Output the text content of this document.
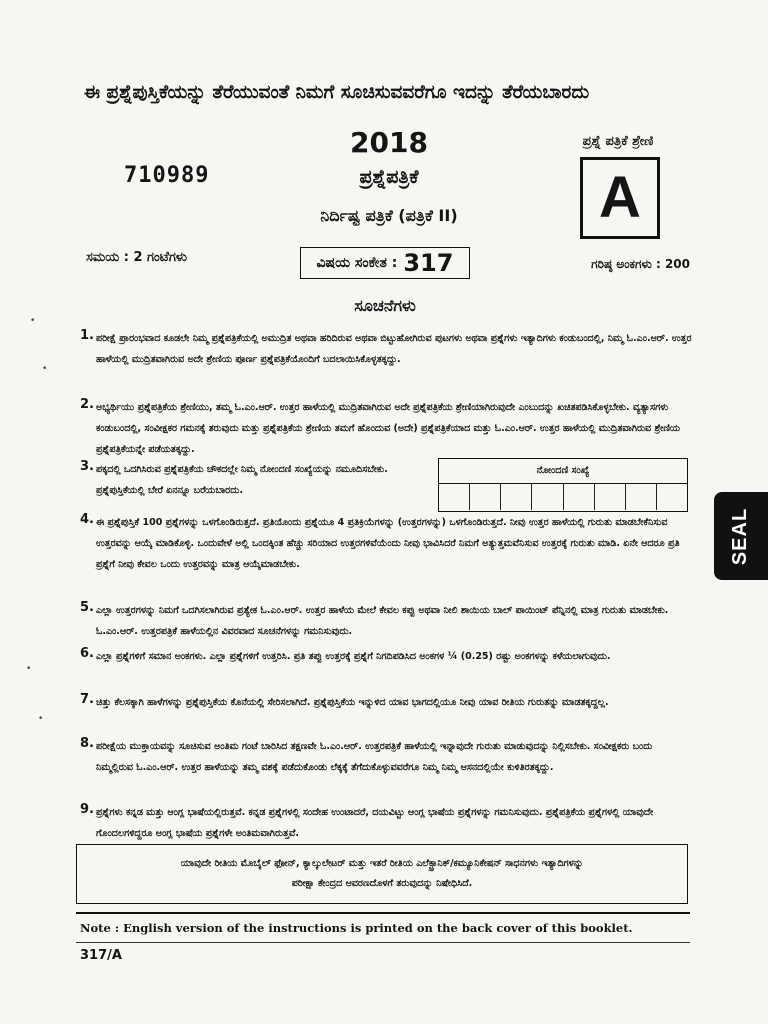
ಈ ಪ್ರಶ್ನೆಪುಸ್ತಿಕೆಯನ್ನು ತೆರೆಯುವಂತೆ ನಿಮಗೆ ಸೂಚಿಸುವವರೆಗೂ ಇದನ್ನು ತೆರೆಯಬಾರದು
710989
2018
ಪ್ರಶ್ನೆಪತ್ರಿಕೆ
ನಿರ್ದಿಷ್ಟ ಪತ್ರಿಕೆ (ಪತ್ರಿಕೆ II)
ಪ್ರಶ್ನೆ ಪತ್ರಿಕೆ ಶ್ರೇಣಿ
A
ಸಮಯ : 2 ಗಂಟೆಗಳು	ವಿಷಯ ಸಂಕೇತ : 317	ಗರಿಷ್ಠ ಅಂಕಗಳು : 200
ಸೂಚನೆಗಳು
1. ಪರೀಕ್ಷೆ ಪ್ರಾರಂಭವಾದ ಕೂಡಲೇ ನಿಮ್ಮ ಪ್ರಶ್ನೆಪತ್ರಿಕೆಯಲ್ಲಿ ಅಮುದ್ರಿತ ಅಥವಾ ಹರಿದಿರುವ ಅಥವಾ ಬಿಟ್ಟುಹೋಗಿರುವ ಪುಟಗಳು ಅಥವಾ ಪ್ರಶ್ನೆಗಳು ಇತ್ಯಾದಿಗಳು ಕಂಡುಬಂದಲ್ಲಿ, ನಿಮ್ಮ ಓ.ಎಂ.ಆರ್. ಉತ್ತರ ಹಾಳೆಯಲ್ಲಿ ಮುದ್ರಿತವಾಗಿರುವ ಅದೇ ಶ್ರೇಣಿಯ ಪೂರ್ಣ ಪ್ರಶ್ನೆಪತ್ರಿಕೆಯೊಂದಿಗೆ ಬದಲಾಯಿಸಿಕೊಳ್ಳತಕ್ಕದ್ದು.
2. ಅಭ್ಯರ್ಥಿಯು ಪ್ರಶ್ನೆಪತ್ರಿಕೆಯ ಶ್ರೇಣಿಯು, ತಮ್ಮ ಓ.ಎಂ.ಆರ್. ಉತ್ತರ ಹಾಳೆಯಲ್ಲಿ ಮುದ್ರಿತವಾಗಿರುವ ಅದೇ ಪ್ರಶ್ನೆಪತ್ರಿಕೆಯ ಶ್ರೇಣಿಯಾಗಿರುವುದೇ ಎಂಬುದನ್ನು ಖಚಿತಪಡಿಸಿಕೊಳ್ಳಬೇಕು. ವ್ಯತ್ಯಾಸಗಳು ಕಂಡುಬಂದಲ್ಲಿ, ಸಂವೀಕ್ಷಕರ ಗಮನಕ್ಕೆ ತರುವುದು ಮತ್ತು ಪ್ರಶ್ನೆಪತ್ರಿಕೆಯ ಶ್ರೇಣಿಯ ತಮಗೆ ಹೊಂದುವ (ಅದೇ) ಪ್ರಶ್ನೆಪತ್ರಿಕೆಯಾದ ಮತ್ತು ಓ.ಎಂ.ಆರ್. ಉತ್ತರ ಹಾಳೆಯಲ್ಲಿ ಮುದ್ರಿತವಾಗಿರುವ ಶ್ರೇಣಿಯ ಪ್ರಶ್ನೆಪತ್ರಿಕೆಯನ್ನೇ ಪಡೆಯತಕ್ಕದ್ದು.
3. ಪಕ್ಕದಲ್ಲಿ ಒದಗಿಸಿರುವ ಪ್ರಶ್ನೆಪತ್ರಿಕೆಯ ಚೌಕದಲ್ಲೇ ನಿಮ್ಮ ನೋಂದಣಿ ಸಂಖ್ಯೆಯನ್ನು ನಮೂದಿಸಬೇಕು. ಪ್ರಶ್ನೆಪುಸ್ತಿಕೆಯಲ್ಲಿ ಬೇರೆ ಏನನ್ನೂ ಬರೆಯಬಾರದು.
ನೋಂದಣಿ ಸಂಖ್ಯೆ
4. ಈ ಪ್ರಶ್ನೆಪುಸ್ತಿಕೆ 100 ಪ್ರಶ್ನೆಗಳನ್ನು ಒಳಗೊಂಡಿರುತ್ತದೆ. ಪ್ರತಿಯೊಂದು ಪ್ರಶ್ನೆಯೂ 4 ಪ್ರತಿಕ್ರಿಯೆಗಳನ್ನು (ಉತ್ತರಗಳನ್ನು) ಒಳಗೊಂಡಿರುತ್ತದೆ. ನೀವು ಉತ್ತರ ಹಾಳೆಯಲ್ಲಿ ಗುರುತು ಮಾಡಬೇಕೆನಿಸುವ ಉತ್ತರವನ್ನು ಆಯ್ಕೆ ಮಾಡಿಕೊಳ್ಳಿ. ಒಂದುವೇಳೆ ಅಲ್ಲಿ ಒಂದಕ್ಕಿಂತ ಹೆಚ್ಚು ಸರಿಯಾದ ಉತ್ತರಗಳಿವೆಯೆಂದು ನೀವು ಭಾವಿಸಿದರೆ ನಿಮಗೆ ಅತ್ಯುತ್ತಮವೆನಿಸುವ ಉತ್ತರಕ್ಕೆ ಗುರುತು ಮಾಡಿ. ಏನೇ ಆದರೂ ಪ್ರತಿ ಪ್ರಶ್ನೆಗೆ ನೀವು ಕೇವಲ ಒಂದು ಉತ್ತರವನ್ನು ಮಾತ್ರ ಆಯ್ಕೆಮಾಡಬೇಕು.
5. ಎಲ್ಲಾ ಉತ್ತರಗಳನ್ನು ನಿಮಗೆ ಒದಗಿಸಲಾಗಿರುವ ಪ್ರತ್ಯೇಕ ಓ.ಎಂ.ಆರ್. ಉತ್ತರ ಹಾಳೆಯ ಮೇಲೆ ಕೇವಲ ಕಪ್ಪು ಅಥವಾ ನೀಲಿ ಶಾಯಿಯ ಬಾಲ್ ಪಾಯಿಂಟ್ ಪೆನ್ನಿನಲ್ಲಿ ಮಾತ್ರ ಗುರುತು ಮಾಡಬೇಕು. ಓ.ಎಂ.ಆರ್. ಉತ್ತರಪತ್ರಿಕೆ ಹಾಳೆಯಲ್ಲಿನ ವಿವರವಾದ ಸೂಚನೆಗಳನ್ನು ಗಮನಿಸುವುದು.
6. ಎಲ್ಲಾ ಪ್ರಶ್ನೆಗಳಿಗೆ ಸಮಾನ ಅಂಕಗಳು. ಎಲ್ಲಾ ಪ್ರಶ್ನೆಗಳಿಗೆ ಉತ್ತರಿಸಿ. ಪ್ರತಿ ತಪ್ಪು ಉತ್ತರಕ್ಕೆ ಪ್ರಶ್ನೆಗೆ ನಿಗದಿಪಡಿಸಿದ ಅಂಕಗಳ ¼ (0.25) ರಷ್ಟು ಅಂಕಗಳನ್ನು ಕಳೆಯಲಾಗುವುದು.
7. ಚಿತ್ತು ಕೆಲಸಕ್ಕಾಗಿ ಹಾಳೆಗಳನ್ನು ಪ್ರಶ್ನೆಪುಸ್ತಿಕೆಯ ಕೊನೆಯಲ್ಲಿ ಸೇರಿಸಲಾಗಿದೆ. ಪ್ರಶ್ನೆಪುಸ್ತಿಕೆಯ ಇನ್ನುಳಿದ ಯಾವ ಭಾಗದಲ್ಲಿಯೂ ನೀವು ಯಾವ ರೀತಿಯ ಗುರುತನ್ನು ಮಾಡತಕ್ಕದ್ದಲ್ಲ.
8. ಪರೀಕ್ಷೆಯ ಮುಕ್ತಾಯವನ್ನು ಸೂಚಿಸುವ ಅಂತಿಮ ಗಂಟೆ ಬಾರಿಸಿದ ತಕ್ಷಣವೇ ಓ.ಎಂ.ಆರ್. ಉತ್ತರಪತ್ರಿಕೆ ಹಾಳೆಯಲ್ಲಿ ಇನ್ನಾವುದೇ ಗುರುತು ಮಾಡುವುದನ್ನು ನಿಲ್ಲಿಸಬೇಕು. ಸಂವೀಕ್ಷಕರು ಬಂದು ನಿಮ್ಮಲ್ಲಿರುವ ಓ.ಎಂ.ಆರ್. ಉತ್ತರ ಹಾಳೆಯನ್ನು ತಮ್ಮ ವಶಕ್ಕೆ ಪಡೆದುಕೊಂಡು ಲೆಕ್ಕಕ್ಕೆ ತೆಗೆದುಕೊಳ್ಳುವವರೆಗೂ ನಿಮ್ಮ ನಿಮ್ಮ ಆಸನದಲ್ಲಿಯೇ ಕುಳಿತಿರತಕ್ಕದ್ದು.
9. ಪ್ರಶ್ನೆಗಳು ಕನ್ನಡ ಮತ್ತು ಆಂಗ್ಲ ಭಾಷೆಯಲ್ಲಿರುತ್ತವೆ. ಕನ್ನಡ ಪ್ರಶ್ನೆಗಳಲ್ಲಿ ಸಂದೇಹ ಉಂಟಾದರೆ, ದಯವಿಟ್ಟು ಆಂಗ್ಲ ಭಾಷೆಯ ಪ್ರಶ್ನೆಗಳನ್ನು ಗಮನಿಸುವುದು. ಪ್ರಶ್ನೆಪತ್ರಿಕೆಯ ಪ್ರಶ್ನೆಗಳಲ್ಲಿ ಯಾವುದೇ ಗೊಂದಲಗಳಿದ್ದರೂ ಆಂಗ್ಲ ಭಾಷೆಯ ಪ್ರಶ್ನೆಗಳೇ ಅಂತಿಮವಾಗಿರುತ್ತವೆ.
ಯಾವುದೇ ರೀತಿಯ ಮೊಬೈಲ್ ಫೋನ್, ಕ್ಯಾಲ್ಕುಲೇಟರ್ ಮತ್ತು ಇತರೆ ರೀತಿಯ ಎಲೆಕ್ಟ್ರಾನಿಕ್/ಕಮ್ಯೂನಿಕೇಷನ್ ಸಾಧನಗಳು ಇತ್ಯಾದಿಗಳನ್ನು
ಪರೀಕ್ಷಾ ಕೇಂದ್ರದ ಆವರಣದೊಳಗೆ ತರುವುದನ್ನು ನಿಷೇಧಿಸಿದೆ.
Note : English version of the instructions is printed on the back cover of this booklet.
317/A
SEAL
•
•
•
•
